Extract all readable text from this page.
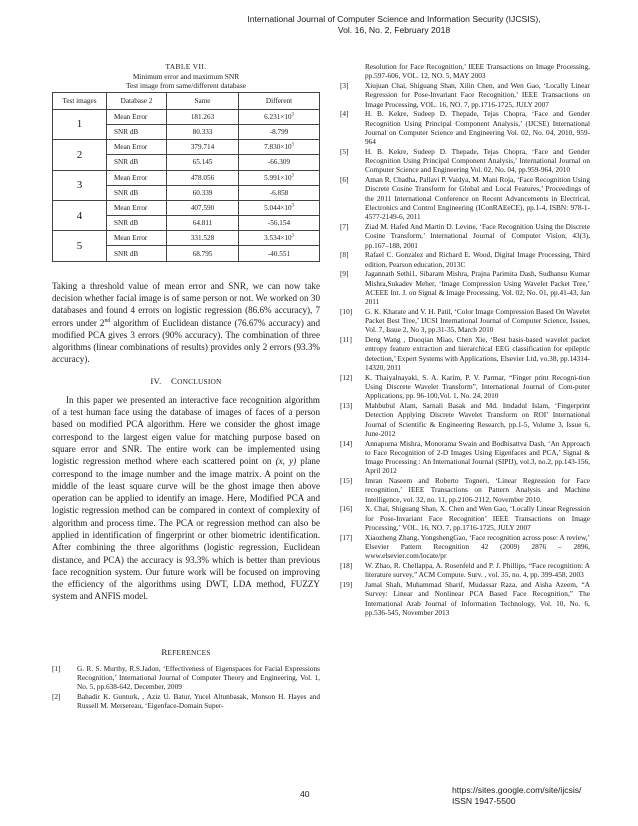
International Journal of Computer Science and Information Security (IJCSIS),
Vol. 16, No. 2, February 2018
TABLE VII.
Minimum error and maximum SNR
Test image from same/different database
Test images	Database 2	Same	Different
1	Mean Error	181.263	$6.231\times 10^3$
	SNR dB	80.333	-8.799
2	Mean Error	379.714	$7.830\times 10^3$
	SNR dB	65.145	-66.309
3	Mean Error	478.056	$5.991\times 10^3$
	SNR dB	60.339	-6.858
4	Mean Error	407.590	$5.044\times 10^3$
	SNR dB	64.811	-56.154
5	Mean Error	331.528	$3.534\times 10^3$
	SNR dB	68.795	-40.551

Taking a threshold value of mean error and SNR, we can now take decision whether facial image is of same person or not. We worked on 30 databases and found 4 errors on logistic regression (86.6% accuracy), 7 errors under 2nd algorithm of Euclidean distance (76.67% accuracy) and modified PCA gives 3 errors (90% accuracy). The combination of three algorithms (linear combinations of results) provides only 2 errors (93.3% accuracy).

IV. CONCLUSION

In this paper we presented an interactive face recognition algorithm of a test human face using the database of images of faces of a person based on modified PCA algorithm. Here we consider the ghost image correspond to the largest eigen value for matching purpose based on square error and SNR. The entire work can be implemented using logistic regression method where each scattered point on (x, y) plane correspond to the image number and the image matrix. A point on the middle of the least square curve will be the ghost image then above operation can be applied to identify an image. Here, Modified PCA and logistic regression method can be compared in context of complexity of algorithm and process time. The PCA or regression method can also be applied in identification of fingerprint or other biometric identification. After combining the three algorithms (logistic regression, Euclidean distance, and PCA) the accuracy is 93.3% which is better than previous face recognition system. Our future work will be focused on improving the efficiency of the algorithms using DWT, LDA method, FUZZY system and ANFIS model.

REFERENCES
[1] G. R. S. Murthy, R.S.Jadon, ‘Effectiveness of Eigenspaces for Facial Expressions Recognition,’ International Journal of Computer Theory and Engineering, Vol. 1, No. 5, pp.638-642, December, 2009
[2] Bahadir K. Gunturk, , Aziz U. Batur, Yucel Altunbasak, Monson H. Hayes and Russell M. Mersereau, ‘Eigenface-Domain Super-
Resolution for Face Recognition,’ IEEE Transactions on Image Processing, pp.597-606, VOL. 12, NO. 5, MAY 2003
[3] Xiujuan Chai, Shiguang Shan, Xilin Chen, and Wen Gao, ‘Locally Linear Regression for Pose-Invariant Face Recognition,’ IEEE Transactions on Image Processing, VOL. 16, NO. 7, pp.1716-1725, JULY 2007
[4] H. B. Kekre, Sudeep D. Thepade, Tejas Chopra, ‘Face and Gender Recognition Using Principal Component Analysis,’ (IJCSE) International Journal on Computer Science and Engineering Vol. 02, No. 04, 2010, 959-964
[5] H. B. Kekre, Sudeep D. Thepade, Tejas Chopra, ‘Face and Gender Recognition Using Principal Component Analysis,’ International Journal on Computer Science and Engineering Vol. 02, No. 04, pp.959-964, 2010
[6] Aman R. Chadha, Pallavi P. Vaidya, M. Mani Roja, ‘Face Recognition Using Discrete Cosine Transform for Global and Local Features,’ Proceedings of the 2011 International Conference on Recent Advancements in Electrical, Electronics and Control Engineering (IConRAEeCE), pp.1-4, ISBN: 978-1-4577-2149-6, 2011
[7] Ziad M. Hafed And Martin D. Levine, ‘Face Recognition Using the Discrete Cosine Transform,’ International Journal of Computer Vision, 43(3), pp.167–188, 2001
[8] Rafael C. Gonzalez and Richard E. Wood, Digital Image Processing, Third edition, Pearson education, 2013C
[9] Jagannath Sethi1, Sibaram Mishra, Prajna Parimita Dash, Sudhansu Kumar Mishra,Sukadev Meher, ‘Image Compression Using Wavelet Packet Tree,’ ACEEE Int. J. on Signal & Image Processing, Vol. 02, No. 01, pp.41-43, Jan 2011
[10] G. K. Kharate and V. H. Patil, ‘Color Image Compression Based On Wavelet Packet Best Tree,’ IJCSI International Journal of Computer Science, Issues, Vol. 7, Issue 2, No 3, pp.31-35, March 2010
[11] Deng Wang , Duoqian Miao, Chen Xie, ‘Best basis-based wavelet packet entropy feature extraction and hierarchical EEG classification for epileptic detection,’ Expert Systems with Applications, Elsevier Ltd, vo.38, pp.14314-14320, 2011
[12] K. Thaiyalnayaki, S. A. Karim, P. V. Parmar, “Finger print Recogni-tion Using Discrete Wavelet Transform”, International Journal of Com-puter Applications, pp. 96-100,Vol. 1, No. 24, 2010
[13] Mahbubul Alam, Sarnali Basak and Md. Imdadul Islam, ‘Fingerprint Detection Applying Discrete Wavelet Transform on ROI’ International Journal of Scientific & Engineering Research, pp.1-5, Volume 3, Issue 6, June-2012
[14] Annapurna Mishra, Monorama Swain and Bodhisattva Dash, ‘An Approach to Face Recognition of 2-D Images Using Eigenfaces and PCA,’ Signal & Image Processing : An International Journal (SIPIJ), vol.3, no.2, pp.143-156, April 2012
[15] Imran Naseem and Roberto Togneri, ‘Linear Regression for Face recognition,’ IEEE Transactions on Pattern Analysis and Machine Intelligence, vol. 32, no. 11, pp.2106-2112, November 2010.
[16] X. Chai, Shiguang Shan, X. Chen and Wen Gao, ‘Locally Linear Regression for Pose-Invariant Face Recognition’ IEEE Transactions on Image Processing,’ VOL. 16, NO. 7, pp.1716-1725, JULY 2007
[17] Xiaozheng Zhang, YongshengGao, ‘Face recognition across pose: A review,’ Elsevier Pattern Recognition 42 (2009) 2876 – 2896, www.elsevier.com/locate/pr
[18] W. Zhao, R. Chellappa, A. Rosenfeld and P. J. Phillips, “Face recognition: A literature survey,” ACM Compute. Surv. , vol. 35, no. 4, pp. 399-458, 2003
[19] Jamal Shah, Muhammad Sharif, Mudassar Raza, and Aisha Azeem, “A Survey: Linear and Nonlinear PCA Based Face Recognition,” The International Arab Journal of Information Technology, Vol. 10, No. 6, pp.536-545, November 2013
40	https://sites.google.com/site/ijcsis/
ISSN 1947-5500
